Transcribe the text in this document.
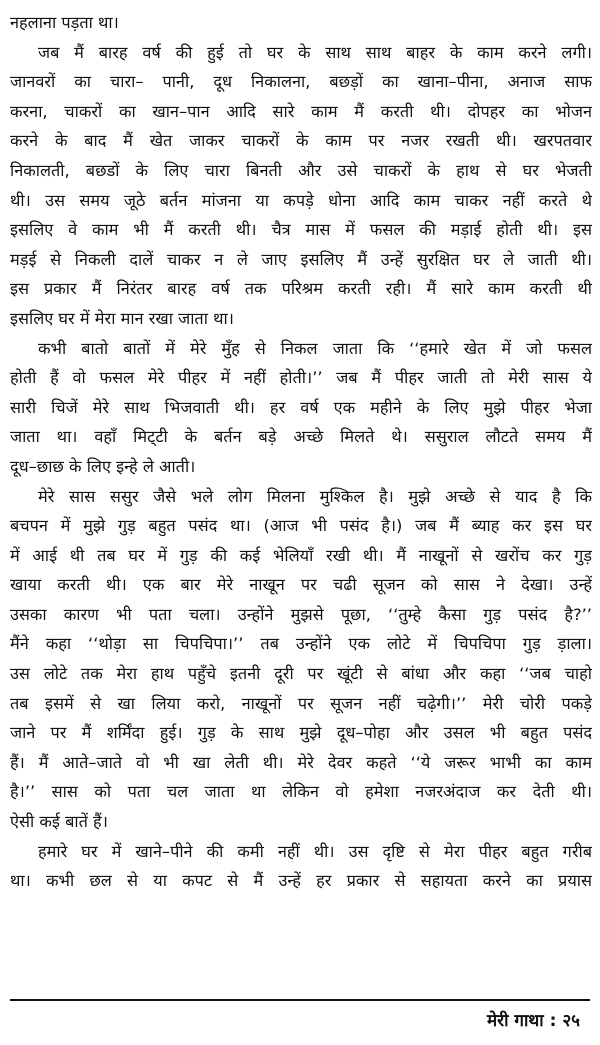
नहलाना पड़ता था।
जब मैं बारह वर्ष की हुई तो घर के साथ साथ बाहर के काम करने लगी।
जानवरों का चारा– पानी, दूध निकालना, बछड़ों का खाना–पीना, अनाज साफ
करना, चाकरों का खान–पान आदि सारे काम मैं करती थी। दोपहर का भोजन
करने के बाद मैं खेत जाकर चाकरों के काम पर नजर रखती थी। खरपतवार
निकालती, बछडों के लिए चारा बिनती और उसे चाकरों के हाथ से घर भेजती
थी। उस समय जूठे बर्तन मांजना या कपड़े धोना आदि काम चाकर नहीं करते थे
इसलिए वे काम भी मैं करती थी। चैत्र मास में फसल की मड़ाई होती थी। इस
मड़ई से निकली दालें चाकर न ले जाए इसलिए मैं उन्हें सुरक्षित घर ले जाती थी।
इस प्रकार मैं निरंतर बारह वर्ष तक परिश्रम करती रही। मैं सारे काम करती थी
इसलिए घर में मेरा मान रखा जाता था।
कभी बातो बातों में मेरे मुँह से निकल जाता कि ‘‘हमारे खेत में जो फसल
होती हैं वो फसल मेरे पीहर में नहीं होती।’’ जब मैं पीहर जाती तो मेरी सास ये
सारी चिजें मेरे साथ भिजवाती थी। हर वर्ष एक महीने के लिए मुझे पीहर भेजा
जाता था। वहाँ मिट्‌टी के बर्तन बड़े अच्छे मिलते थे। ससुराल लौटते समय मैं
दूध–छाछ के लिए इन्हे ले आती।
मेरे सास ससुर जैसे भले लोग मिलना मुश्किल है। मुझे अच्छे से याद है कि
बचपन में मुझे गुड़ बहुत पसंद था। (आज भी पसंद है।) जब मैं ब्याह कर इस घर
में आई थी तब घर में गुड़ की कई भेलियाँ रखी थी। मैं नाखूनों से खरोंच कर गुड़
खाया करती थी। एक बार मेरे नाखून पर चढी सूजन को सास ने देखा। उन्हें
उसका कारण भी पता चला। उन्होंने मुझसे पूछा, ‘‘तुम्हे कैसा गुड़ पसंद है?’’
मैंने कहा ‘‘थोड़ा सा चिपचिपा।’’ तब उन्होंने एक लोटे में चिपचिपा गुड़ ड़ाला।
उस लोटे तक मेरा हाथ पहुँचे इतनी दूरी पर खूंटी से बांधा और कहा ‘‘जब चाहो
तब इसमें से खा लिया करो, नाखूनों पर सूजन नहीं चढ़ेगी।’’ मेरी चोरी पकड़े
जाने पर मैं शर्मिंदा हुई। गुड़ के साथ मुझे दूध–पोहा और उसल भी बहुत पसंद
हैं। मैं आते–जाते वो भी खा लेती थी। मेरे देवर कहते ‘‘ये जरूर भाभी का काम
है।’’ सास को पता चल जाता था लेकिन वो हमेशा नजरअंदाज कर देती थी।
ऐसी कई बातें हैं।
हमारे घर में खाने–पीने की कमी नहीं थी। उस दृष्टि से मेरा पीहर बहुत गरीब
था। कभी छल से या कपट से मैं उन्हें हर प्रकार से सहायता करने का प्रयास
मेरी गाथा : २५
